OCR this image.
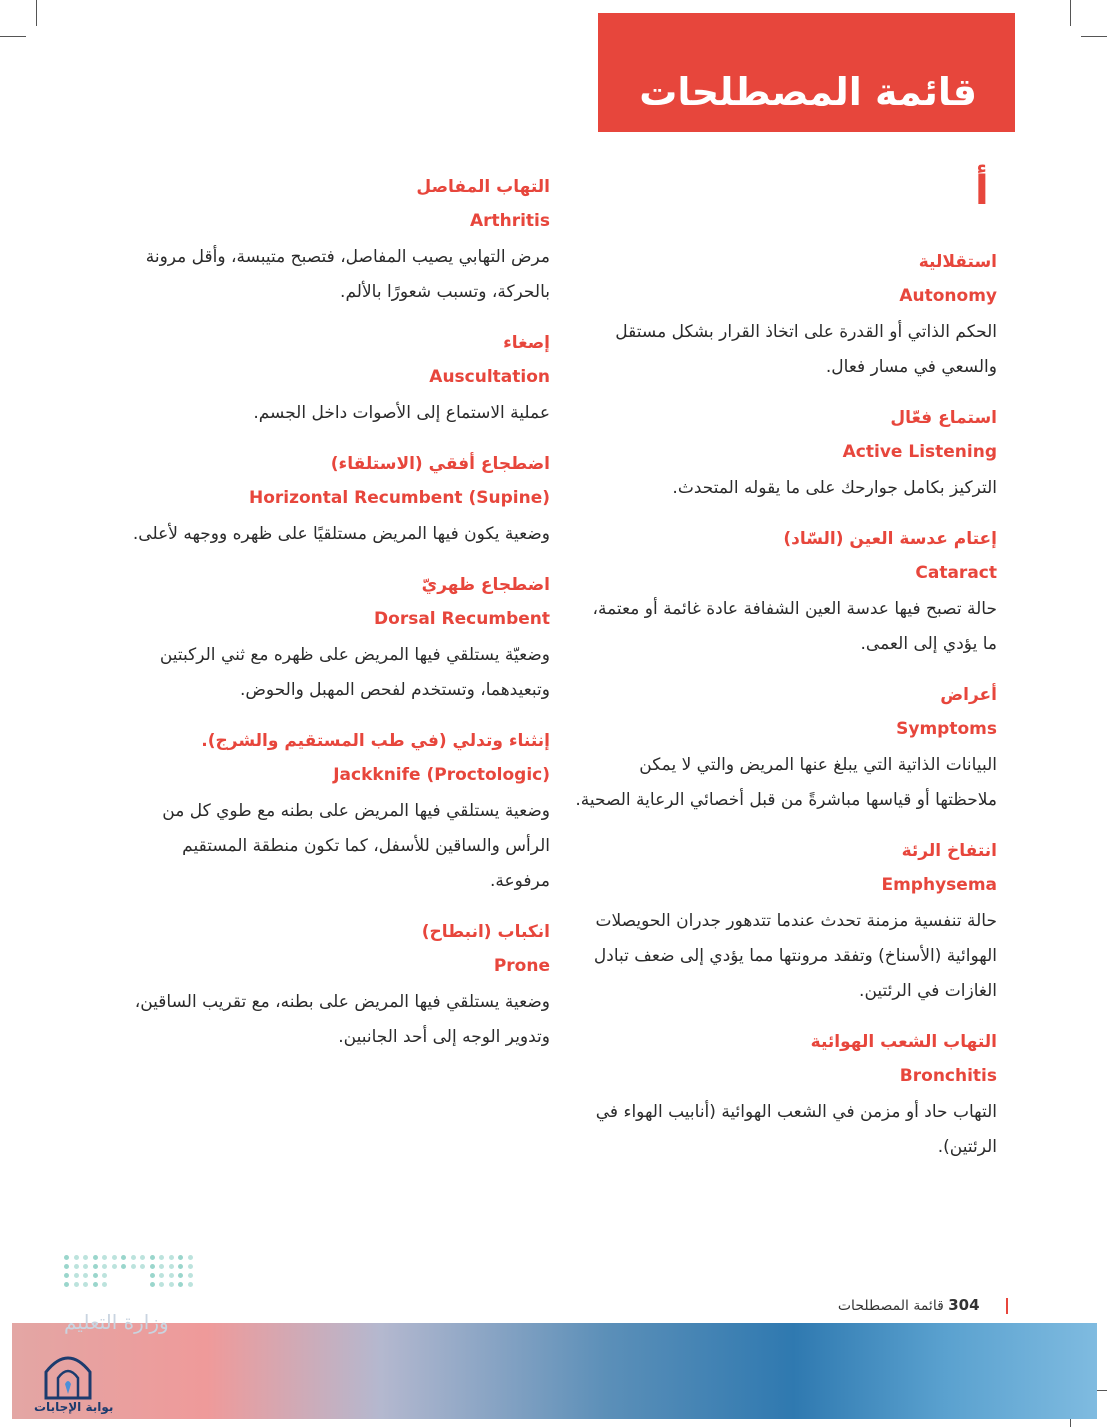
قائمة المصطلحات
أ
استقلالية
Autonomy
الحكم الذاتي أو القدرة على اتخاذ القرار بشكل مستقل والسعي في مسار فعال.
استماع فعّال
Active Listening
التركيز بكامل جوارحك على ما يقوله المتحدث.
إعتام عدسة العين (السّاد)
Cataract
حالة تصبح فيها عدسة العين الشفافة عادة غائمة أو معتمة، ما يؤدي إلى العمى.
أعراض
Symptoms
البيانات الذاتية التي يبلغ عنها المريض والتي لا يمكن ملاحظتها أو قياسها مباشرةً من قبل أخصائي الرعاية الصحية.
انتفاخ الرئة
Emphysema
حالة تنفسية مزمنة تحدث عندما تتدهور جدران الحويصلات الهوائية (الأسناخ) وتفقد مرونتها مما يؤدي إلى ضعف تبادل الغازات في الرئتين.
التهاب الشعب الهوائية
Bronchitis
التهاب حاد أو مزمن في الشعب الهوائية (أنابيب الهواء في الرئتين).
التهاب المفاصل
Arthritis
مرض التهابي يصيب المفاصل، فتصبح متيبسة، وأقل مرونة بالحركة، وتسبب شعورًا بالألم.
إصغاء
Auscultation
عملية الاستماع إلى الأصوات داخل الجسم.
اضطجاع أفقي (الاستلقاء)
Horizontal Recumbent (Supine)
وضعية يكون فيها المريض مستلقيًا على ظهره ووجهه لأعلى.
اضطجاع ظهريّ
Dorsal Recumbent
وضعيّة يستلقي فيها المريض على ظهره مع ثني الركبتين وتبعيدهما، وتستخدم لفحص المهبل والحوض.
إنثناء وتدلي (في طب المستقيم والشرج).
Jackknife (Proctologic)
وضعية يستلقي فيها المريض على بطنه مع طوي كل من الرأس والساقين للأسفل، كما تكون منطقة المستقيم مرفوعة.
انكباب (انبطاح)
Prone
وضعية يستلقي فيها المريض على بطنه، مع تقريب الساقين، وتدوير الوجه إلى أحد الجانبين.
304 قائمة المصطلحات
وزارة التعليم
بوابة الإجابات
